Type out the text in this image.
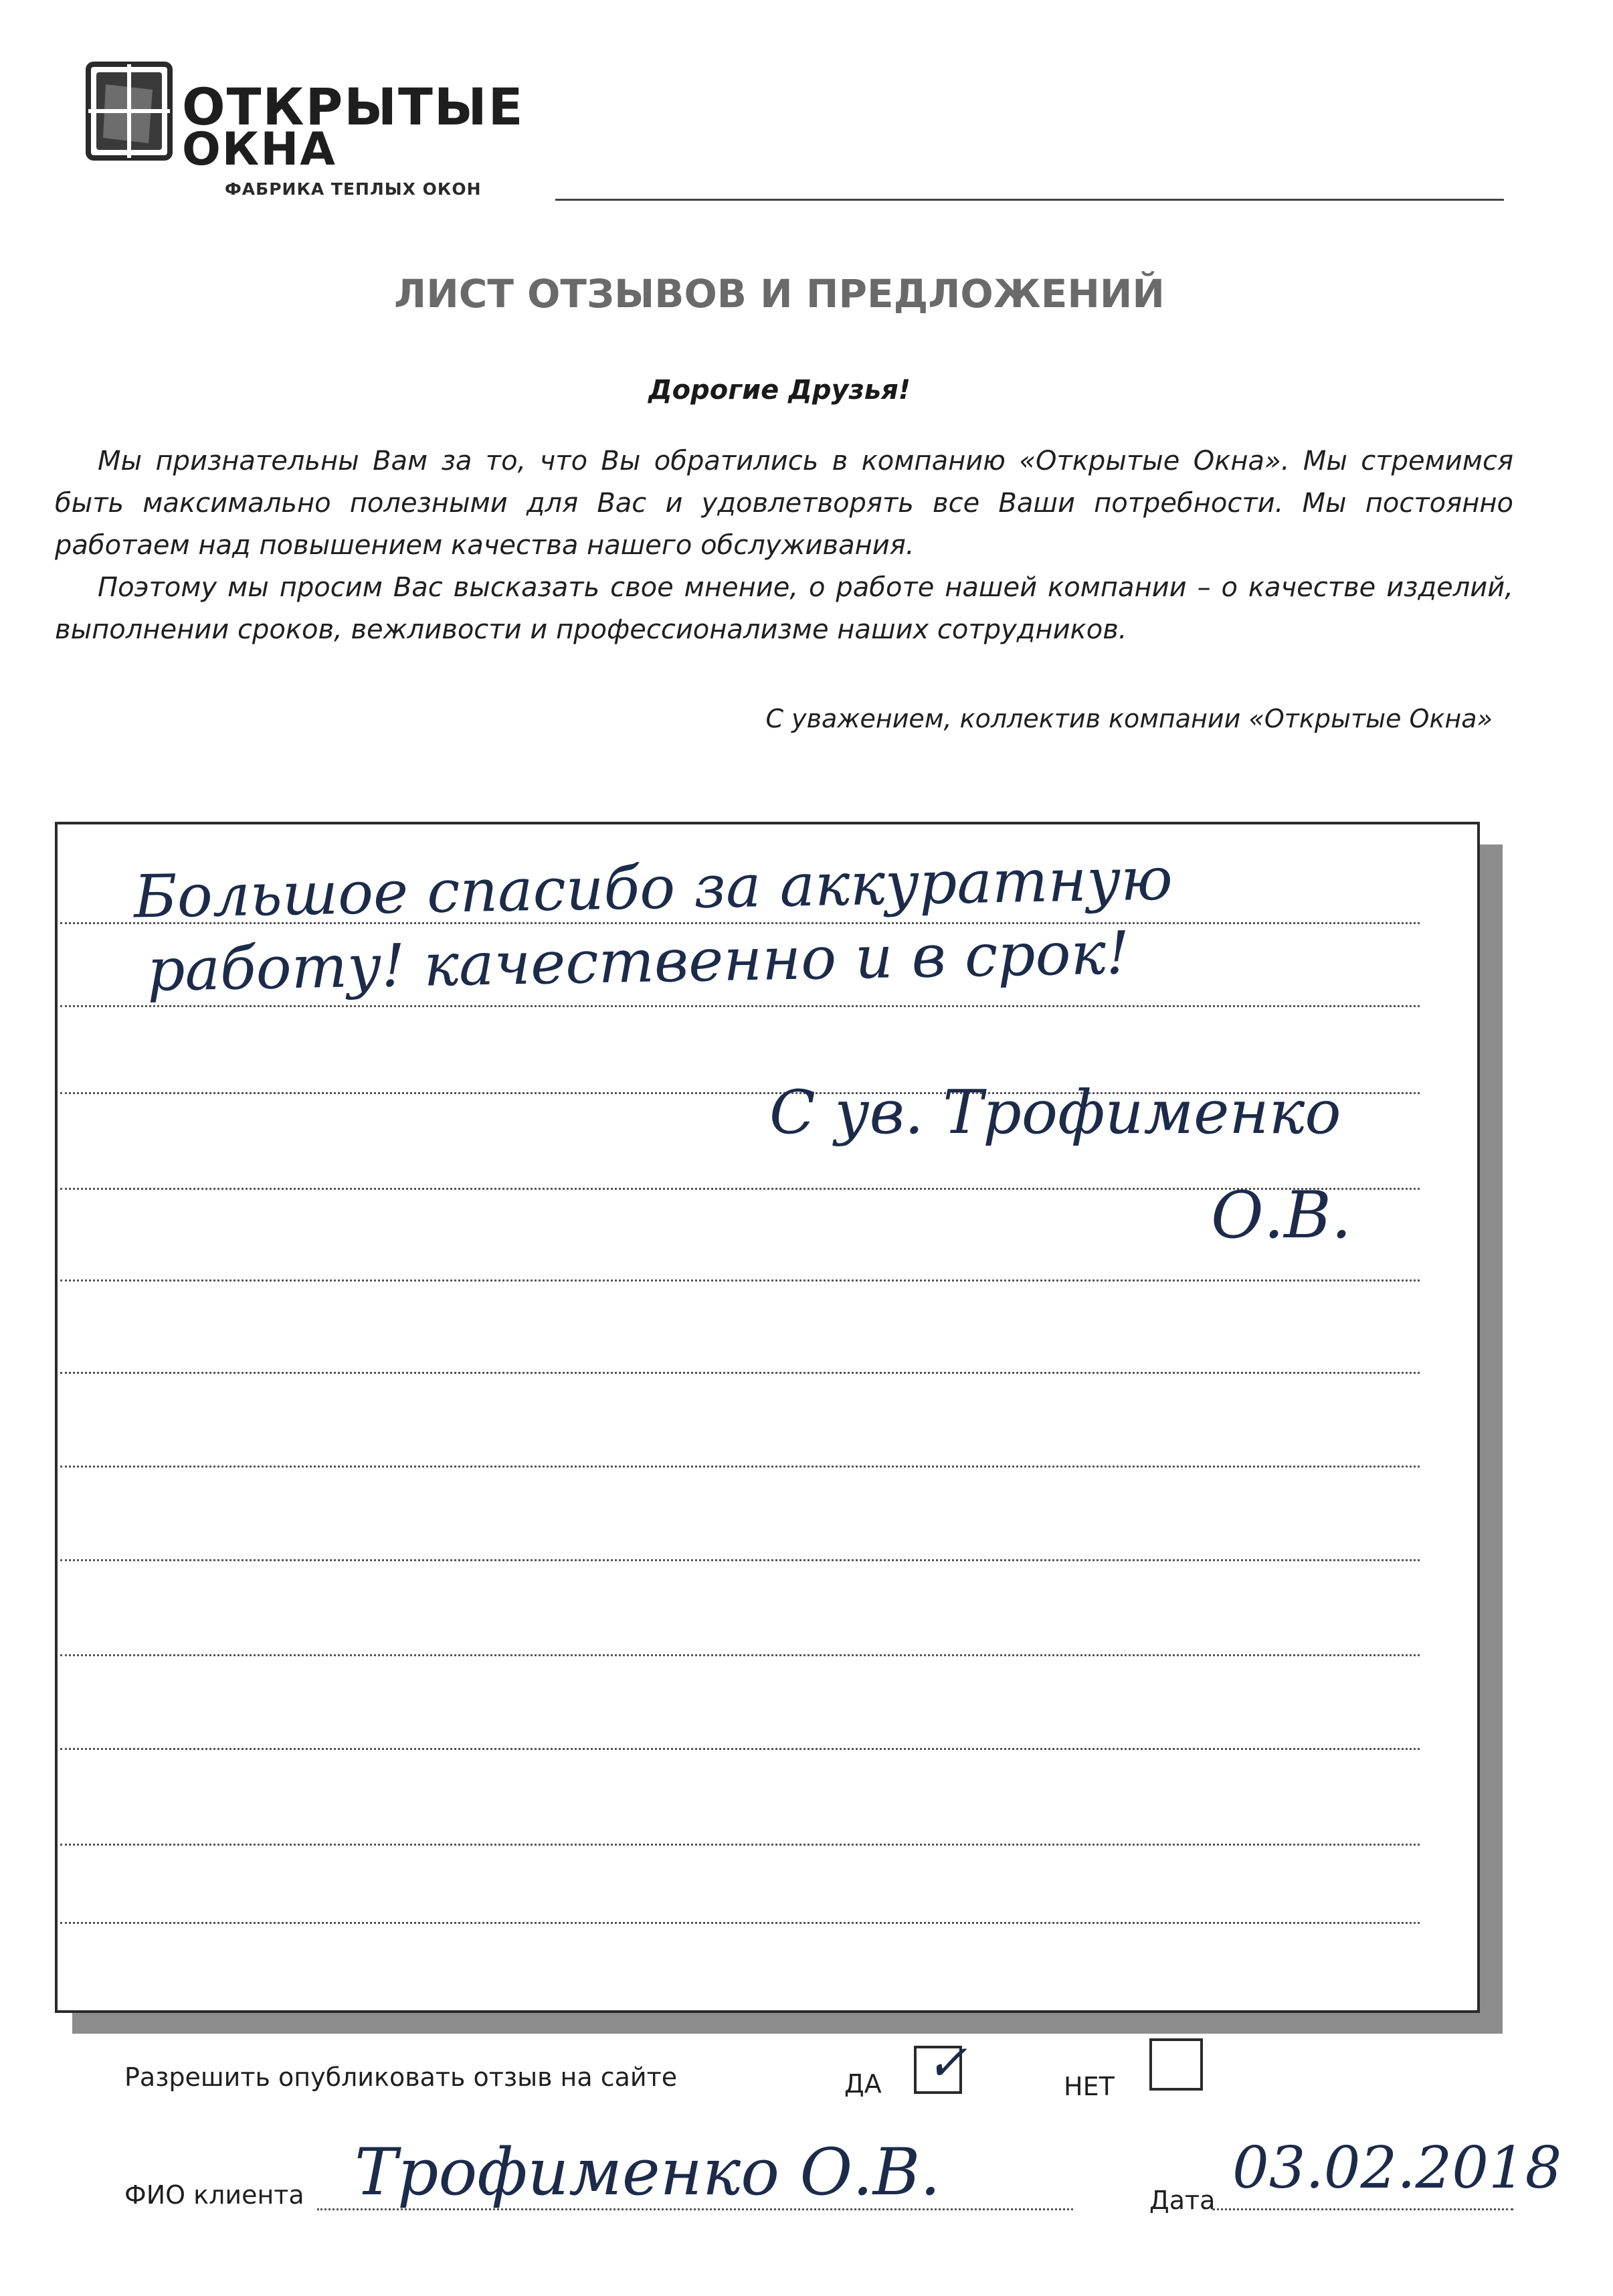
ОТКРЫТЫЕ
ОКНА
ФАБРИКА ТЕПЛЫХ ОКОН
ЛИСТ ОТЗЫВОВ И ПРЕДЛОЖЕНИЙ
Дорогие Друзья!

Мы признательны Вам за то, что Вы обратились в компанию «Открытые Окна». Мы стремимся быть максимально полезными для Вас и удовлетворять все Ваши потребности. Мы постоянно работаем над повышением качества нашего обслуживания.

Поэтому мы просим Вас высказать свое мнение, о работе нашей компании – о качестве изделий, выполнении сроков, вежливости и профессионализме наших сотрудников.

С уважением, коллектив компании «Открытые Окна»
Большое спасибо за аккуратную
работу! качественно и в срок!
С ув. Трофименко
О.В.
Разрешить опубликовать отзыв на сайте	ДА ✓	НЕТ
ФИО клиента Трофименко О.В.	Дата 03.02.2018
